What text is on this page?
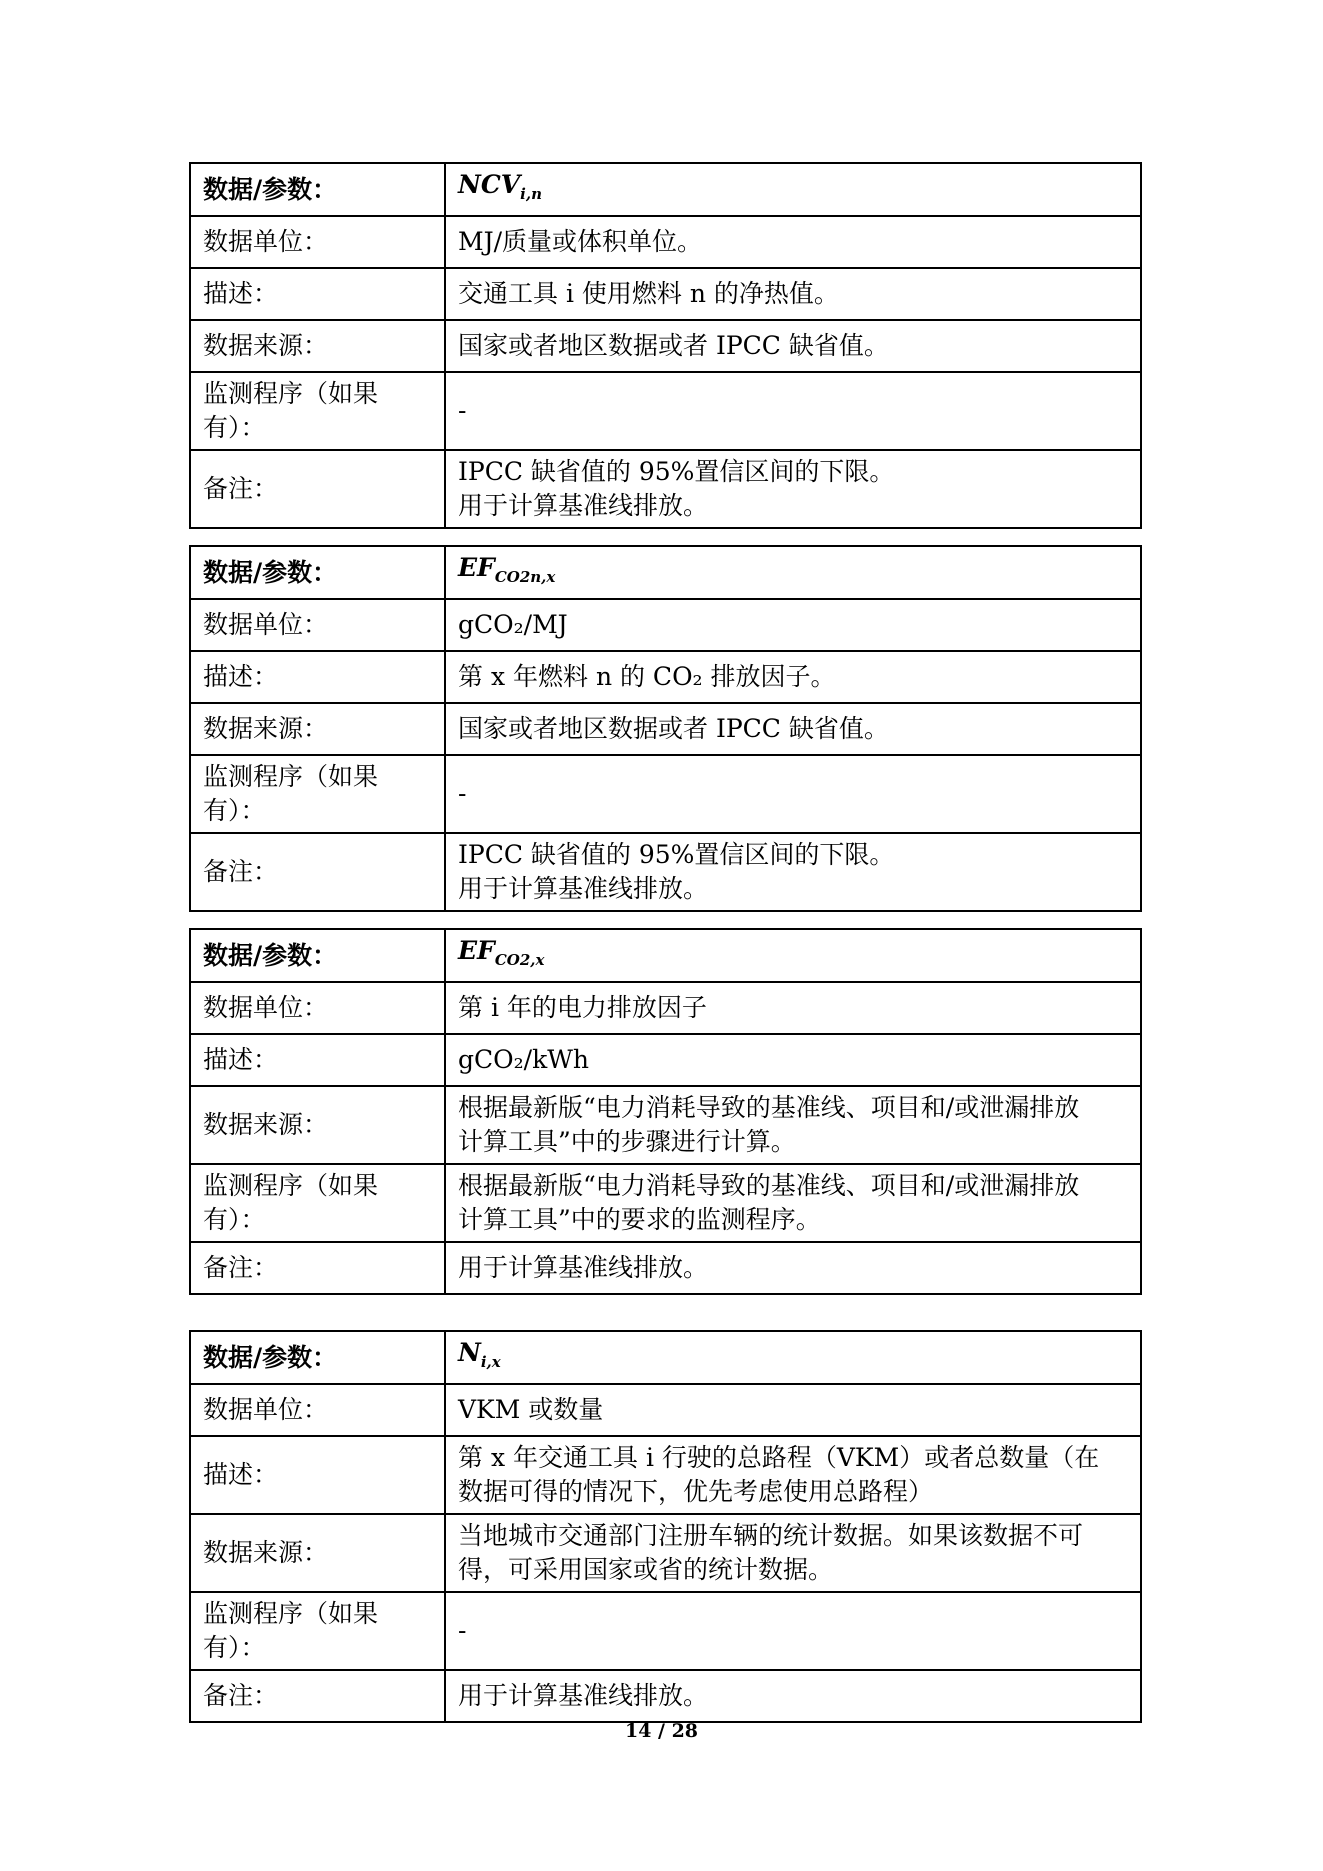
数据/参数：	$NCV_{i,n}$
数据单位：	MJ/质量或体积单位。

描述：	交通工具 i 使用燃料 n 的净热值。

数据来源：	国家或者地区数据或者 IPCC 缺省值。

监测程序（如果有）：	-

备注：	IPCC 缺省值的 95%置信区间的下限。
用于计算基准线排放。
数据/参数：	$EF_{CO2n,x}$
数据单位：	gCO₂/MJ

描述：	第 x 年燃料 n 的 CO₂ 排放因子。

数据来源：	国家或者地区数据或者 IPCC 缺省值。

监测程序（如果有）：	-

备注：	IPCC 缺省值的 95%置信区间的下限。
用于计算基准线排放。
数据/参数：	$EF_{CO2,x}$
数据单位：	第 i 年的电力排放因子

描述：	gCO₂/kWh

数据来源：	根据最新版“电力消耗导致的基准线、项目和/或泄漏排放
计算工具”中的步骤进行计算。

监测程序（如果有）：	根据最新版“电力消耗导致的基准线、项目和/或泄漏排放
计算工具”中的要求的监测程序。

备注：	用于计算基准线排放。
数据/参数：	$N_{i,x}$
数据单位：	VKM 或数量

描述：	第 x 年交通工具 i 行驶的总路程（VKM）或者总数量（在
数据可得的情况下，优先考虑使用总路程）

数据来源：	当地城市交通部门注册车辆的统计数据。如果该数据不可
得，可采用国家或省的统计数据。

监测程序（如果有）：	-

备注：	用于计算基准线排放。
14 / 28
